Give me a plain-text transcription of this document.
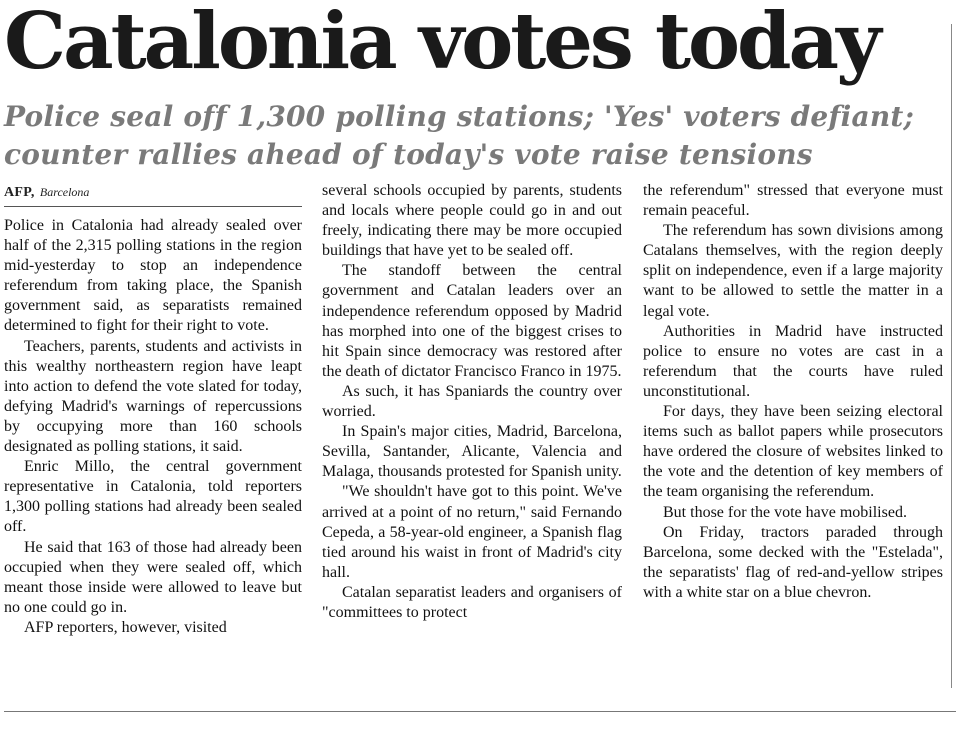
Catalonia votes today
Police seal off 1,300 polling stations; 'Yes' voters defiant;
counter rallies ahead of today's vote raise tensions
AFP, Barcelona

Police in Catalonia had already sealed over half of the 2,315 polling stations in the region mid-yesterday to stop an independence referendum from taking place, the Spanish government said, as separatists remained determined to fight for their right to vote.

Teachers, parents, students and activists in this wealthy northeastern region have leapt into action to defend the vote slated for today, defying Madrid's warnings of repercussions by occupying more than 160 schools designated as polling stations, it said.

Enric Millo, the central government representative in Catalonia, told reporters 1,300 polling stations had already been sealed off.

He said that 163 of those had already been occupied when they were sealed off, which meant those inside were allowed to leave but no one could go in.

AFP reporters, however, visited

several schools occupied by parents, students and locals where people could go in and out freely, indicating there may be more occupied buildings that have yet to be sealed off.

The standoff between the central government and Catalan leaders over an independence referendum opposed by Madrid has morphed into one of the biggest crises to hit Spain since democracy was restored after the death of dictator Francisco Franco in 1975.

As such, it has Spaniards the country over worried.

In Spain's major cities, Madrid, Barcelona, Sevilla, Santander, Alicante, Valencia and Malaga, thousands protested for Spanish unity.

"We shouldn't have got to this point. We've arrived at a point of no return," said Fernando Cepeda, a 58-year-old engineer, a Spanish flag tied around his waist in front of Madrid's city hall.

Catalan separatist leaders and organisers of "committees to protect

the referendum" stressed that everyone must remain peaceful.

The referendum has sown divisions among Catalans themselves, with the region deeply split on independence, even if a large majority want to be allowed to settle the matter in a legal vote.

Authorities in Madrid have instructed police to ensure no votes are cast in a referendum that the courts have ruled unconstitutional.

For days, they have been seizing electoral items such as ballot papers while prosecutors have ordered the closure of websites linked to the vote and the detention of key members of the team organising the referendum.

But those for the vote have mobilised.

On Friday, tractors paraded through Barcelona, some decked with the "Estelada", the separatists' flag of red-and-yellow stripes with a white star on a blue chevron.
